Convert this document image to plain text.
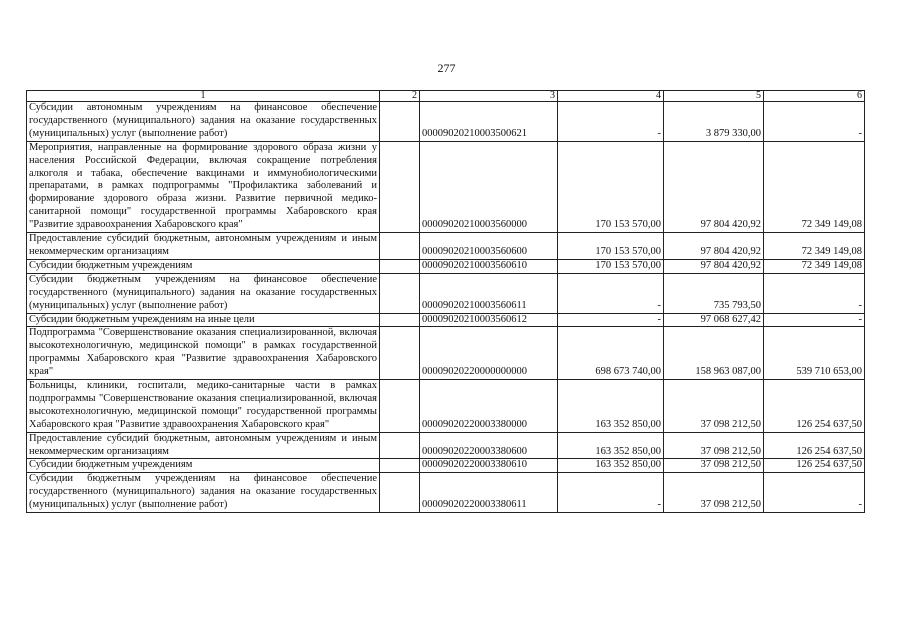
277
1	2	3	4	5	6
Субсидии автономным учреждениям на финансовое обеспечение государственного (муниципального) задания на оказание государственных (муниципальных) услуг (выполнение работ)		00009020210003500621	-	3 879 330,00	-
Мероприятия, направленные на формирование здорового образа жизни у населения Российской Федерации, включая сокращение потребления алкоголя и табака, обеспечение вакцинами и иммунобиологическими препаратами, в рамках подпрограммы "Профилактика заболеваний и формирование здорового образа жизни. Развитие первичной медико-санитарной помощи" государственной программы Хабаровского края "Развитие здравоохранения Хабаровского края"		00009020210003560000	170 153 570,00	97 804 420,92	72 349 149,08
Предоставление субсидий бюджетным, автономным учреждениям и иным некоммерческим организациям		00009020210003560600	170 153 570,00	97 804 420,92	72 349 149,08
Субсидии бюджетным учреждениям		00009020210003560610	170 153 570,00	97 804 420,92	72 349 149,08
Субсидии бюджетным учреждениям на финансовое обеспечение государственного (муниципального) задания на оказание государственных (муниципальных) услуг (выполнение работ)		00009020210003560611	-	735 793,50	-
Субсидии бюджетным учреждениям на иные цели		00009020210003560612	-	97 068 627,42	-
Подпрограмма "Совершенствование оказания специализированной, включая высокотехнологичную, медицинской помощи" в рамках государственной программы Хабаровского края "Развитие здравоохранения Хабаровского края"		00009020220000000000	698 673 740,00	158 963 087,00	539 710 653,00
Больницы, клиники, госпитали, медико-санитарные части в рамках подпрограммы "Совершенствование оказания специализированной, включая высокотехнологичную, медицинской помощи" государственной программы Хабаровского края "Развитие здравоохранения Хабаровского края"		00009020220003380000	163 352 850,00	37 098 212,50	126 254 637,50
Предоставление субсидий бюджетным, автономным учреждениям и иным некоммерческим организациям		00009020220003380600	163 352 850,00	37 098 212,50	126 254 637,50
Субсидии бюджетным учреждениям		00009020220003380610	163 352 850,00	37 098 212,50	126 254 637,50
Субсидии бюджетным учреждениям на финансовое обеспечение государственного (муниципального) задания на оказание государственных (муниципальных) услуг (выполнение работ)		00009020220003380611	-	37 098 212,50	-
